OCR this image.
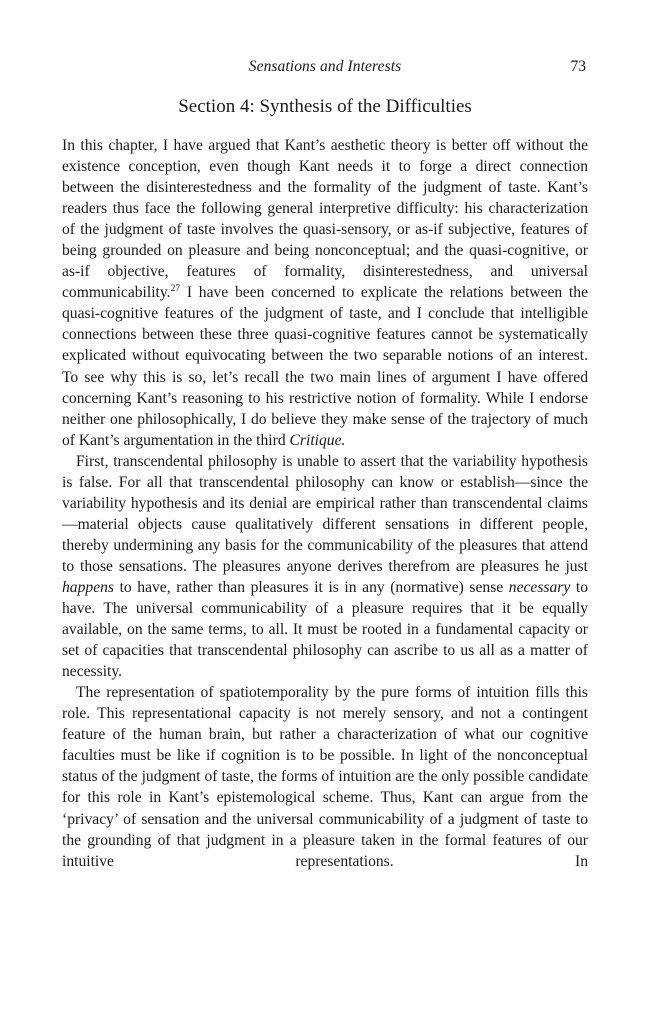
Sensations and Interests	73
Section 4: Synthesis of the Difficulties

In this chapter, I have argued that Kant’s aesthetic theory is better off without the existence conception, even though Kant needs it to forge a direct connection between the disinterestedness and the formality of the judgment of taste. Kant’s readers thus face the following general interpretive difficulty: his characterization of the judgment of taste involves the quasi-sensory, or as-if subjective, features of being grounded on pleasure and being nonconceptual; and the quasi-cognitive, or as-if objective, features of formality, disinterestedness, and universal communicability.$^{27}$ I have been concerned to explicate the relations between the quasi-cognitive features of the judgment of taste, and I conclude that intelligible connections between these three quasi-cognitive features cannot be systematically explicated without equivocating between the two separable notions of an interest. To see why this is so, let’s recall the two main lines of argument I have offered concerning Kant’s reasoning to his restrictive notion of formality. While I endorse neither one philosophically, I do believe they make sense of the trajectory of much of Kant’s argumentation in the third Critique.

First, transcendental philosophy is unable to assert that the variability hypothesis is false. For all that transcendental philosophy can know or establish—since the variability hypothesis and its denial are empirical rather than transcendental claims—material objects cause qualitatively different sensations in different people, thereby undermining any basis for the communicability of the pleasures that attend to those sensations. The pleasures anyone derives therefrom are pleasures he just happens to have, rather than pleasures it is in any (normative) sense necessary to have. The universal communicability of a pleasure requires that it be equally available, on the same terms, to all. It must be rooted in a fundamental capacity or set of capacities that transcendental philosophy can ascribe to us all as a matter of necessity.

The representation of spatiotemporality by the pure forms of intuition fills this role. This representational capacity is not merely sensory, and not a contingent feature of the human brain, but rather a characterization of what our cognitive faculties must be like if cognition is to be possible. In light of the nonconceptual status of the judgment of taste, the forms of intuition are the only possible candidate for this role in Kant’s epistemological scheme. Thus, Kant can argue from the ‘privacy’ of sensation and the universal communicability of a judgment of taste to the grounding of that judgment in a pleasure taken in the formal features of our intuitive representations. In
